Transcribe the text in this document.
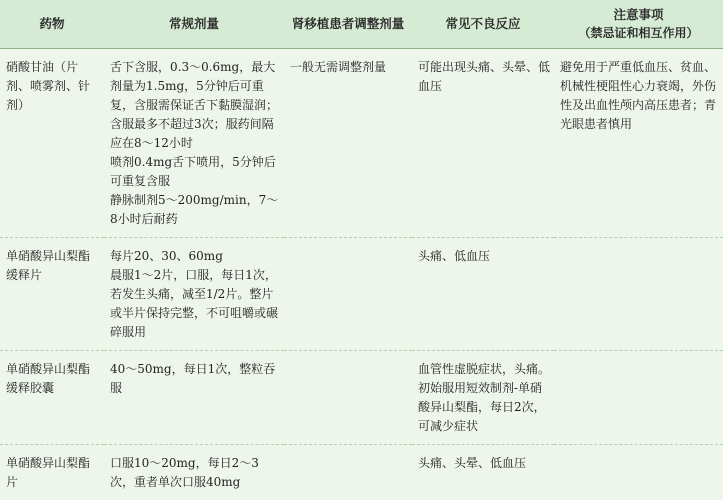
药物	常规剂量	肾移植患者调整剂量	常见不良反应	注意事项
（禁忌证和相互作用）

硝酸甘油（片剂、喷雾剂、针剂）	舌下含服，0.3～0.6mg，最大剂量为1.5mg，5分钟后可重复，含服需保证舌下黏膜湿润；含服最多不超过3次；服药间隔应在8～12小时
喷剂0.4mg舌下喷用，5分钟后可重复含服
静脉制剂5～200mg/min，7～8小时后耐药	一般无需调整剂量	可能出现头痛、头晕、低血压	避免用于严重低血压、贫血、机械性梗阻性心力衰竭，外伤性及出血性颅内高压患者；青光眼患者慎用
单硝酸异山梨酯缓释片	每片20、30、60mg
晨服1～2片，口服，每日1次，若发生头痛，减至1/2片。整片或半片保持完整，不可咀嚼或碾碎服用		头痛、低血压	
单硝酸异山梨酯缓释胶囊	40～50mg，每日1次，整粒吞服		血管性虚脱症状，头痛。初始服用短效制剂-单硝酸异山梨酯，每日2次，可减少症状	
单硝酸异山梨酯片	口服10～20mg，每日2～3次，重者单次口服40mg		头痛、头晕、低血压	
